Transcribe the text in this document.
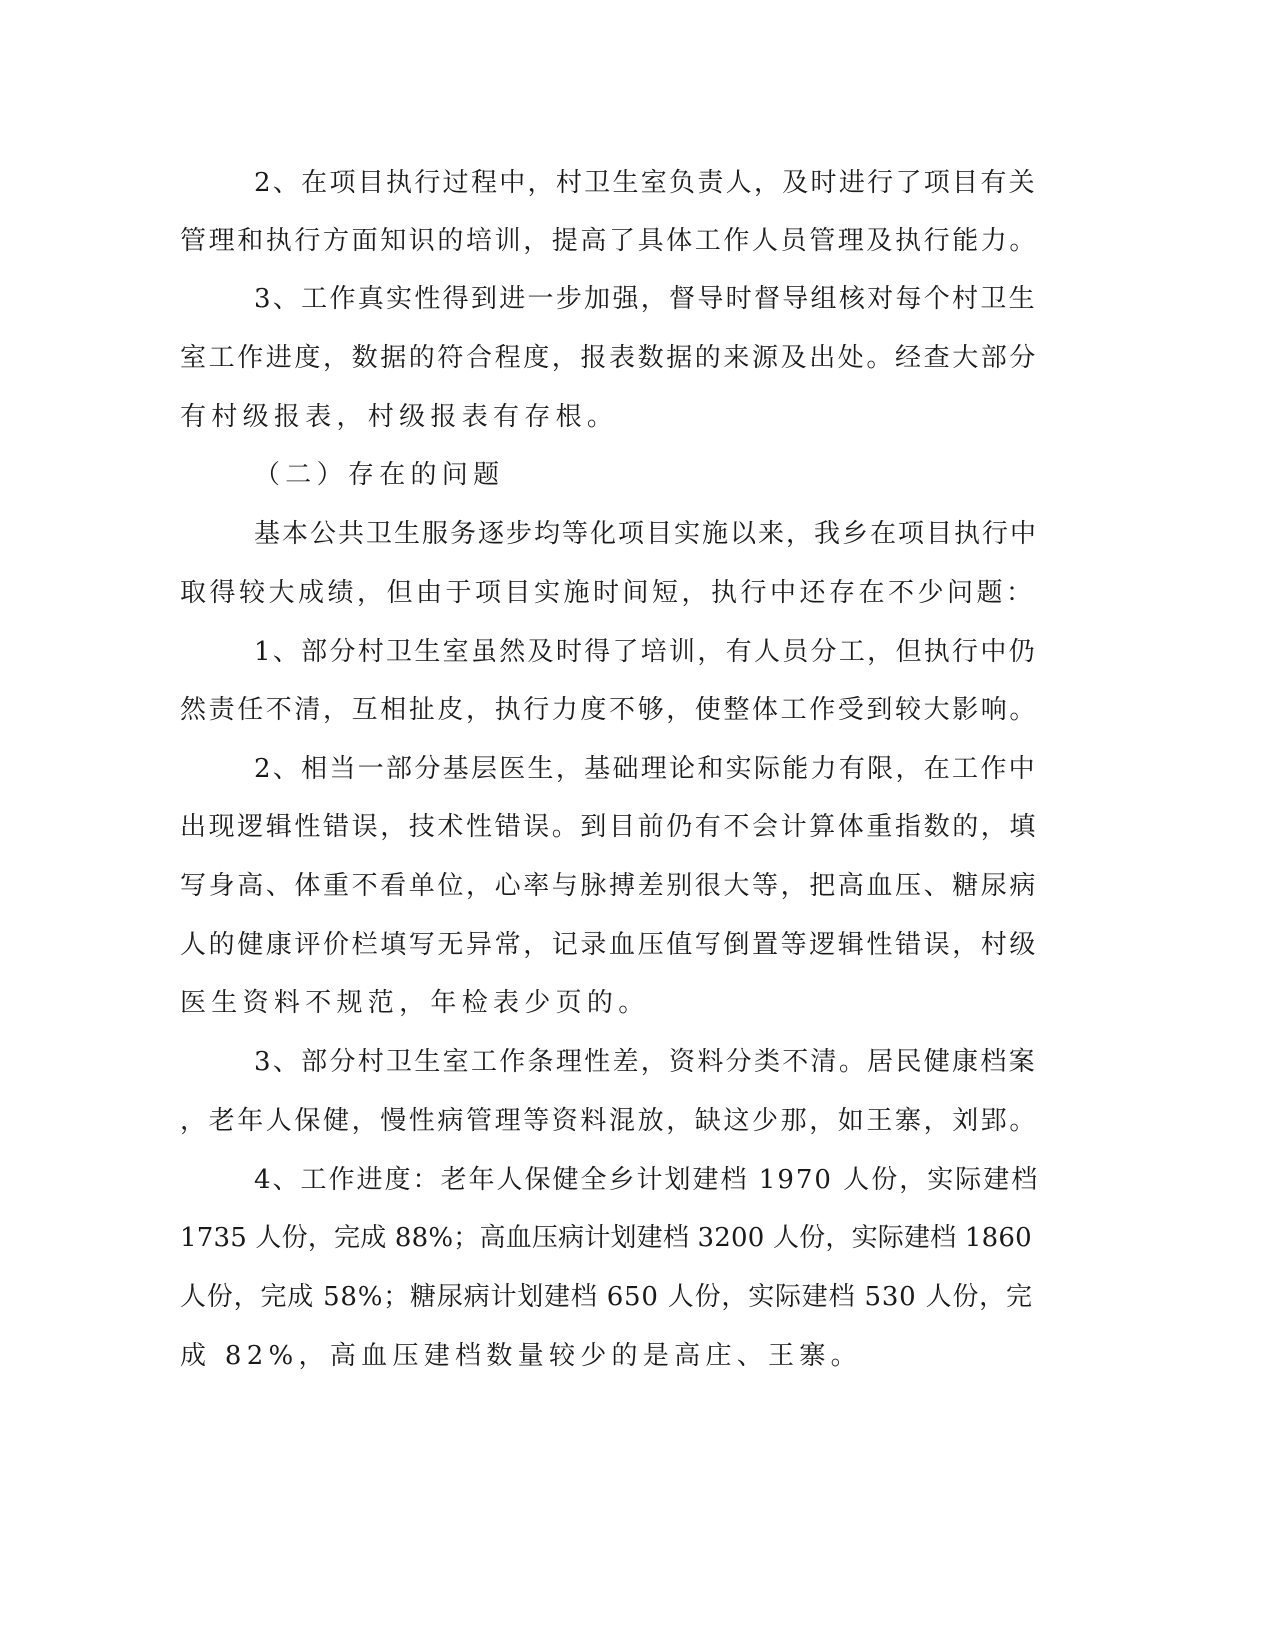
2、在项目执行过程中，村卫生室负责人，及时进行了项目有关
管理和执行方面知识的培训，提高了具体工作人员管理及执行能力。
3、工作真实性得到进一步加强，督导时督导组核对每个村卫生
室工作进度，数据的符合程度，报表数据的来源及出处。经查大部分
有村级报表，村级报表有存根。
（二）存在的问题
基本公共卫生服务逐步均等化项目实施以来，我乡在项目执行中
取得较大成绩，但由于项目实施时间短，执行中还存在不少问题：
1、部分村卫生室虽然及时得了培训，有人员分工，但执行中仍
然责任不清，互相扯皮，执行力度不够，使整体工作受到较大影响。
2、相当一部分基层医生，基础理论和实际能力有限，在工作中
出现逻辑性错误，技术性错误。到目前仍有不会计算体重指数的，填
写身高、体重不看单位，心率与脉搏差别很大等，把高血压、糖尿病
人的健康评价栏填写无异常，记录血压值写倒置等逻辑性错误，村级
医生资料不规范，年检表少页的。
3、部分村卫生室工作条理性差，资料分类不清。居民健康档案
，老年人保健，慢性病管理等资料混放，缺这少那，如王寨，刘郢。
4、工作进度：老年人保健全乡计划建档 1970 人份，实际建档
1735 人份，完成 88%；高血压病计划建档 3200 人份，实际建档 1860
人份，完成 58%；糖尿病计划建档 650 人份，实际建档 530 人份，完
成 82%，高血压建档数量较少的是高庄、王寨。
